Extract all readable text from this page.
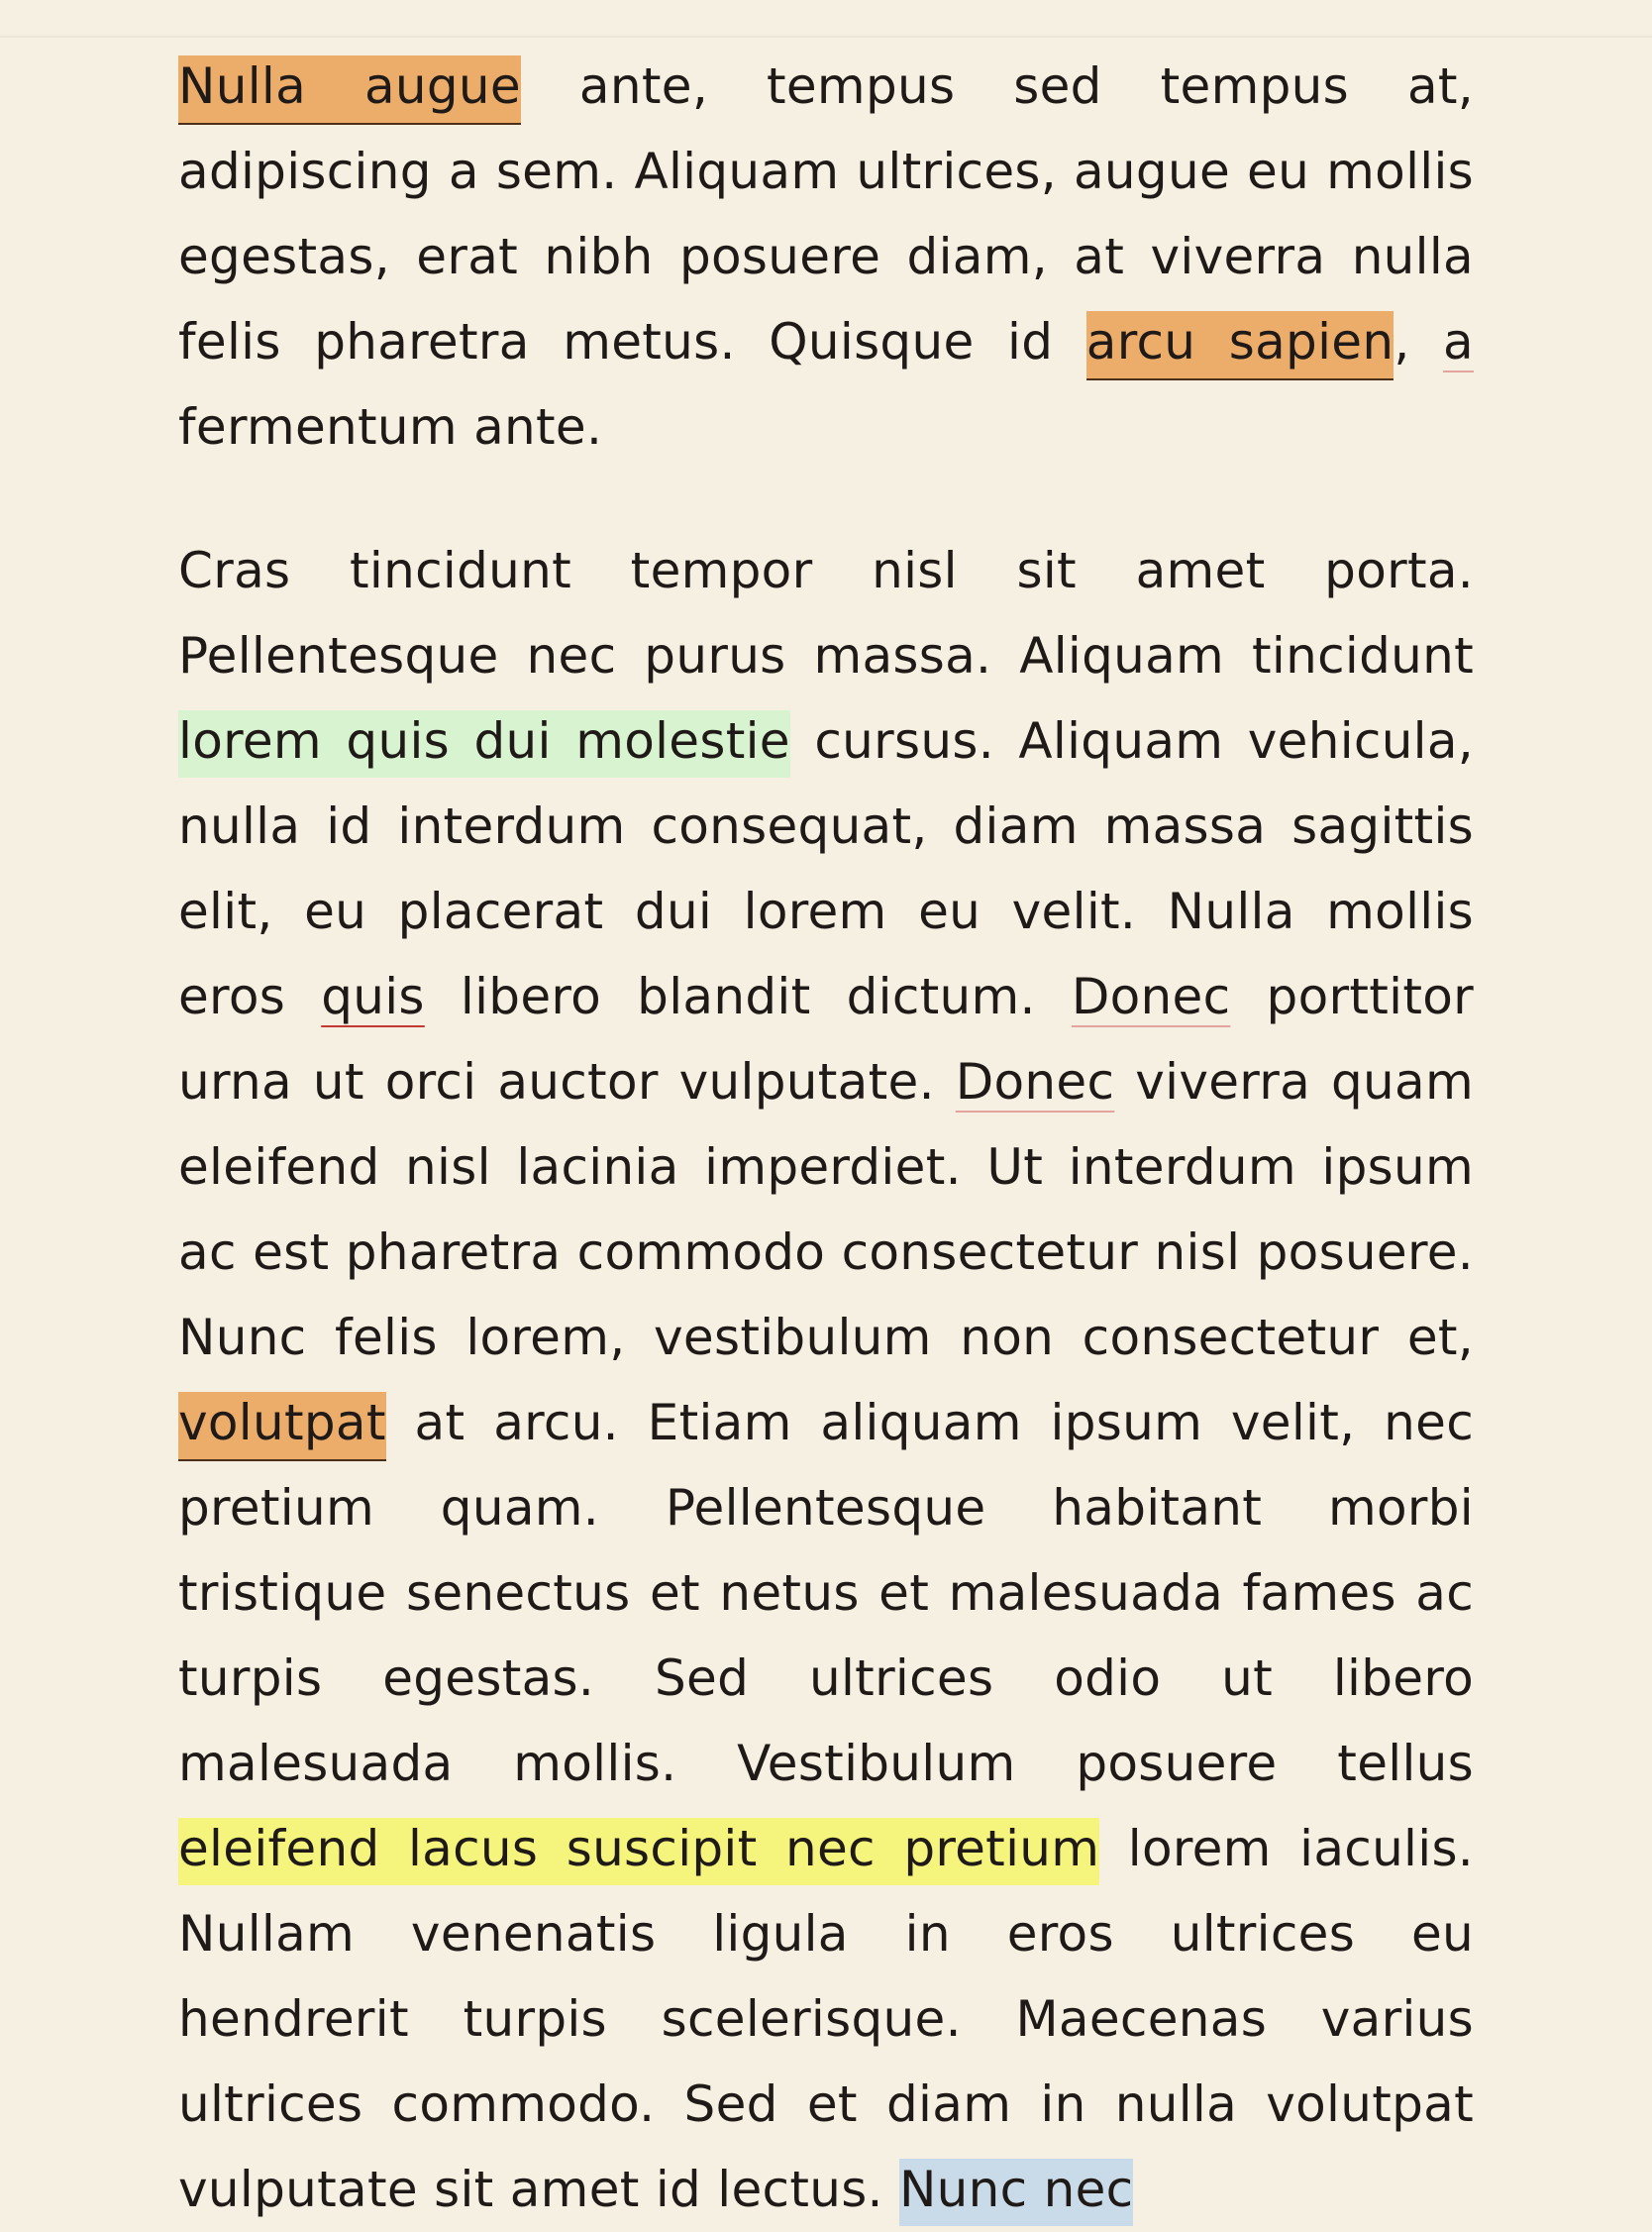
Nulla augue ante, tempus sed tempus at, adipiscing a sem. Aliquam ultrices, augue eu mollis egestas, erat nibh posuere diam, at viverra nulla felis pharetra metus. Quisque id arcu sapien, a fermentum ante.

Cras tincidunt tempor nisl sit amet porta. Pellentesque nec purus massa. Aliquam tincidunt lorem quis dui molestie cursus. Aliquam vehicula, nulla id interdum consequat, diam massa sagittis elit, eu placerat dui lorem eu velit. Nulla mollis eros quis libero blandit dictum. Donec porttitor urna ut orci auctor vulputate. Donec viverra quam eleifend nisl lacinia imperdiet. Ut interdum ipsum ac est pharetra commodo consectetur nisl posuere. Nunc felis lorem, vestibulum non consectetur et, volutpat at arcu. Etiam aliquam ipsum velit, nec pretium quam. Pellentesque habitant morbi tristique senectus et netus et malesuada fames ac turpis egestas. Sed ultrices odio ut libero malesuada mollis. Vestibulum posuere tellus eleifend lacus suscipit nec pretium lorem iaculis. Nullam venenatis ligula in eros ultrices eu hendrerit turpis scelerisque. Maecenas varius ultrices commodo. Sed et diam in nulla volutpat vulputate sit amet id lectus. Nunc nec
